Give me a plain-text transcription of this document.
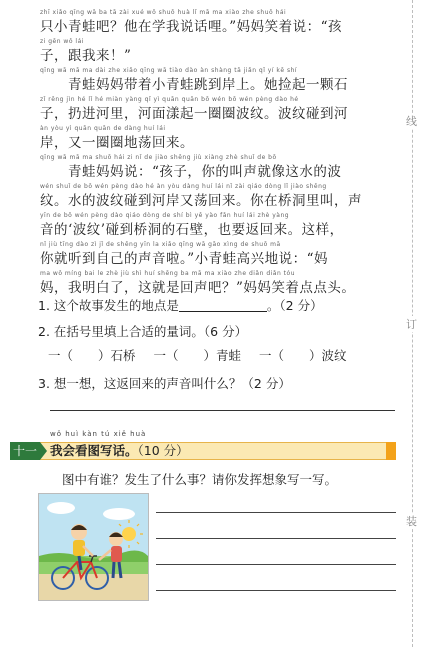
zhī xiǎo qīng wā ba tā zài xué wǒ shuō huà lǐ mā ma xiào zhe shuō hái

只小青蛙吧？他在学我说话哩。”妈妈笑着说：“孩

zi gēn wǒ lái

子，跟我来！”

qīng wā mā ma dài zhe xiǎo qīng wā tiào dào àn shàng tā jiǎn qǐ yí kē shí

　　青蛙妈妈带着小青蛙跳到岸上。她捡起一颗石

zǐ rēng jìn hé lǐ hé miàn yàng qǐ yì quān quān bō wén bō wén pèng dào hé

子，扔进河里，河面漾起一圈圈波纹。波纹碰到河

àn yòu yì quān quān de dàng huí lái

岸，又一圈圈地荡回来。

qīng wā mā ma shuō hái zi nǐ de jiào shēng jiù xiàng zhè shuǐ de bō

　　青蛙妈妈说：“孩子，你的叫声就像这水的波

wén shuǐ de bō wén pèng dào hé àn yòu dàng huí lái nǐ zài qiáo dòng lǐ jiào shēng

纹。水的波纹碰到河岸又荡回来。你在桥洞里叫，声

yīn de bō wén pèng dào qiáo dòng de shí bì yě yào fǎn huí lái zhè yàng

音的‘波纹’碰到桥洞的石壁，也要返回来。这样，

nǐ jiù tīng dào zì jǐ de shēng yīn la xiǎo qīng wā gāo xìng de shuō mā

你就听到自己的声音啦。”小青蛙高兴地说：“妈

ma wǒ míng bai le zhè jiù shì huí shēng ba mā ma xiào zhe diǎn diǎn tóu

妈，我明白了，这就是回声吧？”妈妈笑着点点头。

1. 这个故事发生的地点是	。（2 分）
2. 在括号里填上合适的量词。（6 分）
一（　　）石桥 一（　　）青蛙 一（　　）波纹
3. 想一想，这返回来的声音叫什么？（2 分）
wǒ huì kàn tú xiě huà
十一 我会看图写话。（10 分）
图中有谁？发生了什么事？请你发挥想象写一写。
线
订
装
